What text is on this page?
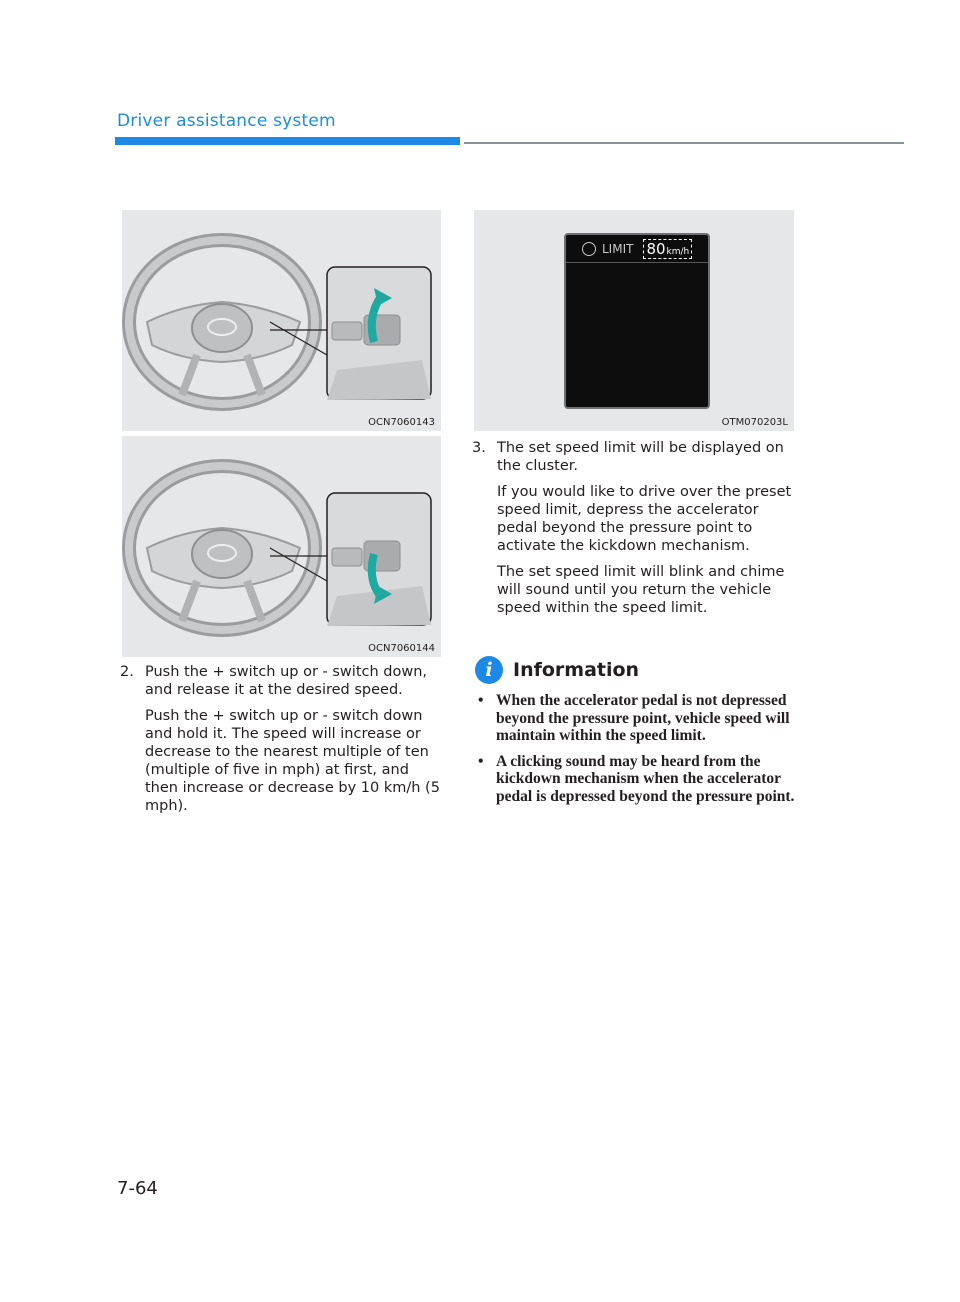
Driver assistance system
OCN7060143
OCN7060144
LIMIT 80 km/h
OTM070203L
2. Push the + switch up or - switch down, and release it at the desired speed.
Push the + switch up or - switch down and hold it. The speed will increase or decrease to the nearest multiple of ten (multiple of five in mph) at first, and then increase or decrease by 10 km/h (5 mph).
3. The set speed limit will be displayed on the cluster.
If you would like to drive over the preset speed limit, depress the accelerator pedal beyond the pressure point to activate the kickdown mechanism.
The set speed limit will blink and chime will sound until you return the vehicle speed within the speed limit.
i	Information
• When the accelerator pedal is not depressed beyond the pressure point, vehicle speed will maintain within the speed limit.
• A clicking sound may be heard from the kickdown mechanism when the accelerator pedal is depressed beyond the pressure point.
7-64
